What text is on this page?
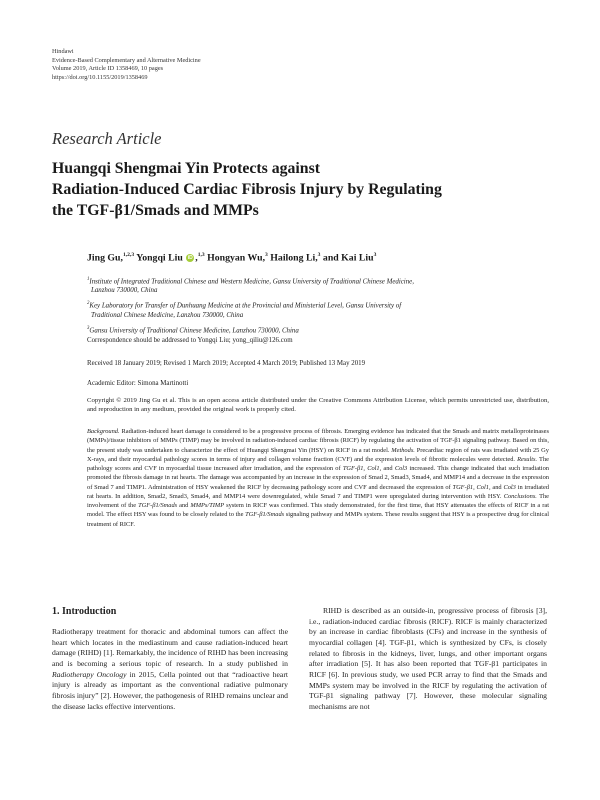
Hindawi
Evidence-Based Complementary and Alternative Medicine
Volume 2019, Article ID 1358469, 10 pages
https://doi.org/10.1155/2019/1358469
Research Article
Huangqi Shengmai Yin Protects against
Radiation-Induced Cardiac Fibrosis Injury by Regulating
the TGF-β1/Smads and MMPs
Jing Gu,$^{1,2,3}$ Yongqi Liu iD ,$^{1,3}$ Hongyan Wu,$^3$ Hailong Li,$^3$ and Kai Liu$^3$
$^1$Institute of Integrated Traditional Chinese and Western Medicine, Gansu University of Traditional Chinese Medicine,
Lanzhou 730000, China
$^2$Key Laboratory for Transfer of Dunhuang Medicine at the Provincial and Ministerial Level, Gansu University of
Traditional Chinese Medicine, Lanzhou 730000, China
$^3$Gansu University of Traditional Chinese Medicine, Lanzhou 730000, China
Correspondence should be addressed to Yongqi Liu; yong_qiliu@126.com
Received 18 January 2019; Revised 1 March 2019; Accepted 4 March 2019; Published 13 May 2019
Academic Editor: Simona Martinotti
Copyright © 2019 Jing Gu et al. This is an open access article distributed under the Creative Commons Attribution License, which permits unrestricted use, distribution, and reproduction in any medium, provided the original work is properly cited.
Background. Radiation-induced heart damage is considered to be a progressive process of fibrosis. Emerging evidence has indicated that the Smads and matrix metalloproteinases (MMPs)/tissue inhibitors of MMPs (TIMP) may be involved in radiation-induced cardiac fibrosis (RICF) by regulating the activation of TGF-β1 signaling pathway. Based on this, the present study was undertaken to characterize the effect of Huangqi Shengmai Yin (HSY) on RICF in a rat model. Methods. Precardiac region of rats was irradiated with 25 Gy X-rays, and their myocardial pathology scores in terms of injury and collagen volume fraction (CVF) and the expression levels of fibrotic molecules were detected. Results. The pathology scores and CVF in myocardial tissue increased after irradiation, and the expression of TGF-β1, Col1, and Col3 increased. This change indicated that such irradiation promoted the fibrosis damage in rat hearts. The damage was accompanied by an increase in the expression of Smad 2, Smad3, Smad4, and MMP14 and a decrease in the expression of Smad 7 and TIMP1. Administration of HSY weakened the RICF by decreasing pathology score and CVF and decreased the expression of TGF-β1, Col1, and Col3 in irradiated rat hearts. In addition, Smad2, Smad3, Smad4, and MMP14 were downregulated, while Smad 7 and TIMP1 were upregulated during intervention with HSY. Conclusions. The involvement of the TGF-β1/Smads and MMPs/TIMP system in RICF was confirmed. This study demonstrated, for the first time, that HSY attenuates the effects of RICF in a rat model. The effect HSY was found to be closely related to the TGF-β1/Smads signaling pathway and MMPs system. These results suggest that HSY is a prospective drug for clinical treatment of RICF.
1. Introduction
Radiotherapy treatment for thoracic and abdominal tumors can affect the heart which locates in the mediastinum and cause radiation-induced heart damage (RIHD) [1]. Remarkably, the incidence of RIHD has been increasing and is becoming a serious topic of research. In a study published in Radiotherapy Oncology in 2015, Cella pointed out that “radioactive heart injury is already as important as the conventional radiative pulmonary fibrosis injury” [2]. However, the pathogenesis of RIHD remains unclear and the disease lacks effective interventions.
RIHD is described as an outside-in, progressive process of fibrosis [3], i.e., radiation-induced cardiac fibrosis (RICF). RICF is mainly characterized by an increase in cardiac fibroblasts (CFs) and increase in the synthesis of myocardial collagen [4]. TGF-β1, which is synthesized by CFs, is closely related to fibrosis in the kidneys, liver, lungs, and other important organs after irradiation [5]. It has also been reported that TGF-β1 participates in RICF [6]. In previous study, we used PCR array to find that the Smads and MMPs system may be involved in the RICF by regulating the activation of TGF-β1 signaling pathway [7]. However, these molecular signaling mechanisms are not
